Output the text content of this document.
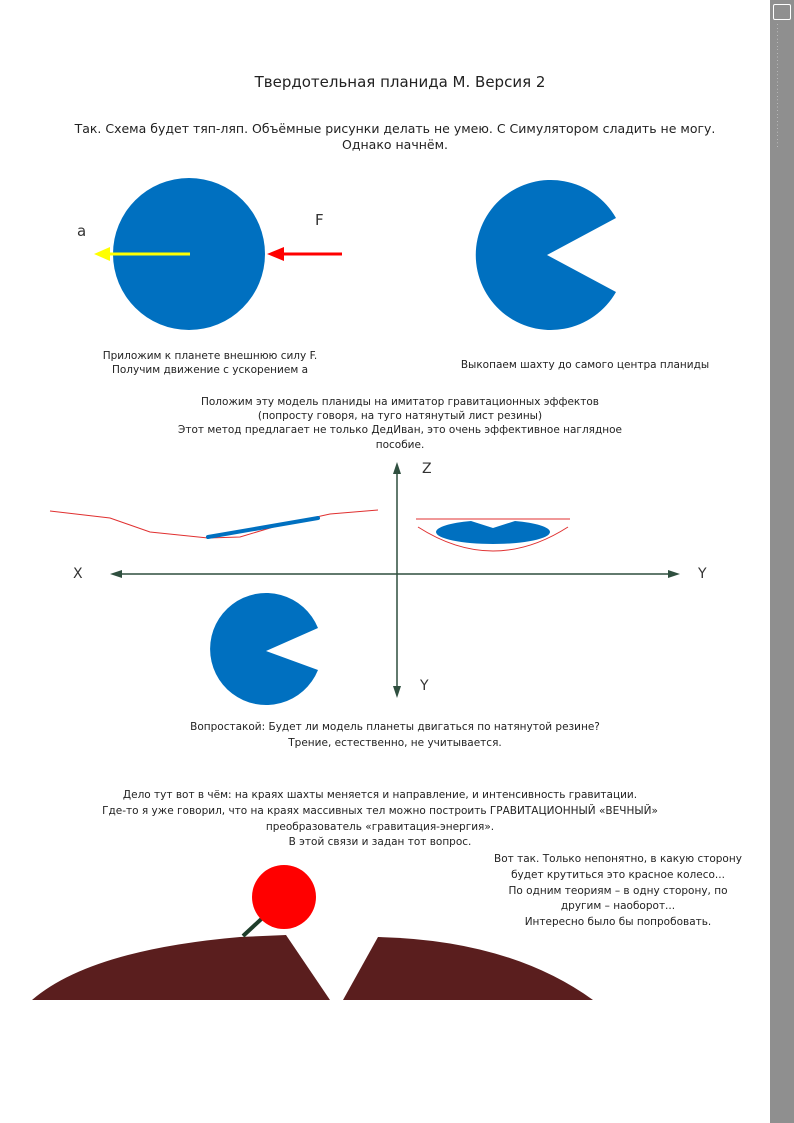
Твердотельная планида М. Версия 2
Так. Схема будет тяп-ляп. Объёмные рисунки делать не умею. С Симулятором сладить не могу.
Однако начнём.
a
F
Z
X	Y
Y
Приложим к планете внешнюю силу F.
Получим движение с ускорением а	Выкопаем шахту до самого центра планиды
Положим эту модель планиды на имитатор гравитационных эффектов
(попросту говоря, на туго натянутый лист резины)
Этот метод предлагает не только ДедИван, это очень эффективное наглядное
пособие.
Вопростакой: Будет ли модель планеты двигаться по натянутой резине?
Трение, естественно, не учитывается.
Дело тут вот в чём: на краях шахты меняется и направление, и интенсивность гравитации.
Где-то я уже говорил, что на краях массивных тел можно построить ГРАВИТАЦИОННЫЙ «ВЕЧНЫЙ»
преобразователь «гравитация-энергия».
В этой связи и задан тот вопрос.
Вот так. Только непонятно, в какую сторону
будет крутиться это красное колесо...
По одним теориям – в одну сторону, по
другим – наоборот...
Интересно было бы попробовать.
. . . . . . . . . . . . . . . . . . . . . . . . . . . . . . . . . . .
